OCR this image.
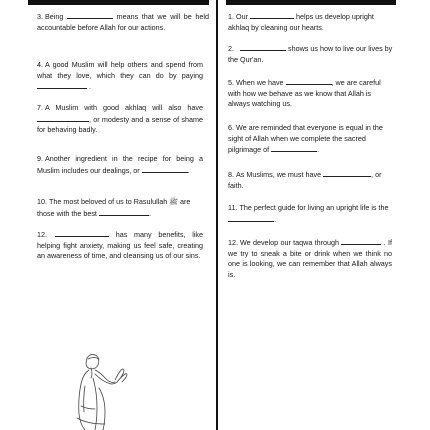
3. Being	means that we will be held accountable before Allah for our actions.
4. A good Muslim will help others and spend from what they love, which they can do by paying  .
7. A Muslim with good akhlaq will also have , or modesty and a sense of shame for behaving badly.
9. Another ingredient in the recipe for being a Muslim includes our dealings, or	.
10. The most beloved of us to Rasulullah ﷺ are those with the best	.
12.	has many benefits, like helping fight anxiety, making us feel safe, creating an awareness of time, and cleansing us of our sins.
1. Our	helps us develop upright akhlaq by cleaning our hearts.
2.	shows us how to live our lives by the Qur'an.
5. When we have	, we are careful with how we behave as we know that Allah is always watching us.
6. We are reminded that everyone is equal in the sight of Allah when we complete the sacred pilgrimage of	.
8. As Muslims, we must have	, or faith.
11. The perfect guide for living an upright life is the .
12. We develop our taqwa through	. If we try to sneak a bite or drink when we think no one is looking, we can remember that Allah always is.
